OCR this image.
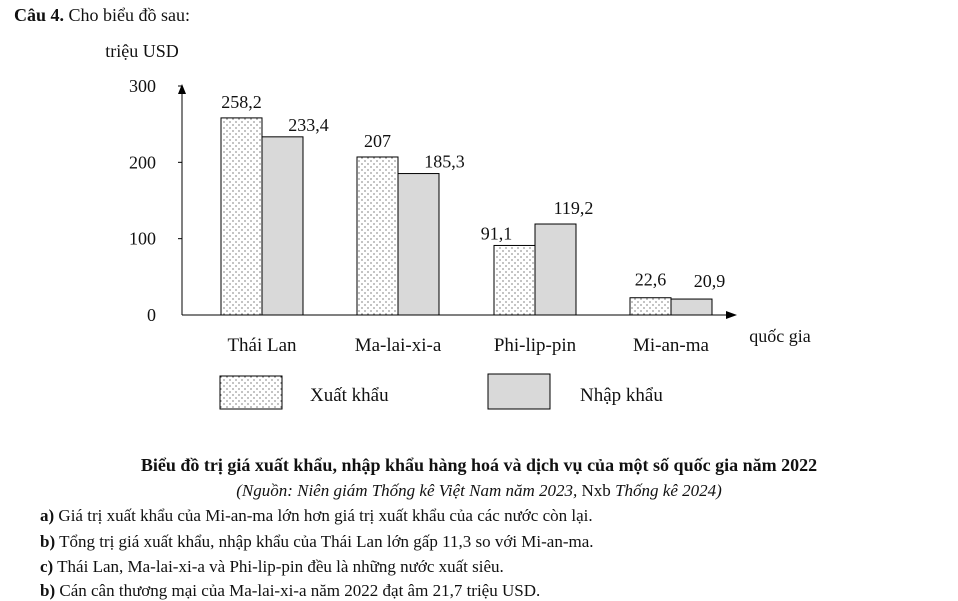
Câu 4. Cho biểu đồ sau:
0
100
200
300
triệu USD
quốc gia
258,2
233,4
Thái Lan
207
185,3
Ma-lai-xi-a
91,1
119,2
Phi-lip-pin
22,6 20,9
Mi-an-ma
Xuất khẩu	Nhập khẩu
Biểu đồ trị giá xuất khẩu, nhập khẩu hàng hoá và dịch vụ của một số quốc gia năm 2022
(Nguồn: Niên giám Thống kê Việt Nam năm 2023, Nxb Thống kê 2024)
a) Giá trị xuất khẩu của Mi-an-ma lớn hơn giá trị xuất khẩu của các nước còn lại.
b) Tổng trị giá xuất khẩu, nhập khẩu của Thái Lan lớn gấp 11,3 so với Mi-an-ma.
c) Thái Lan, Ma-lai-xi-a và Phi-lip-pin đều là những nước xuất siêu.
b) Cán cân thương mại của Ma-lai-xi-a năm 2022 đạt âm 21,7 triệu USD.
